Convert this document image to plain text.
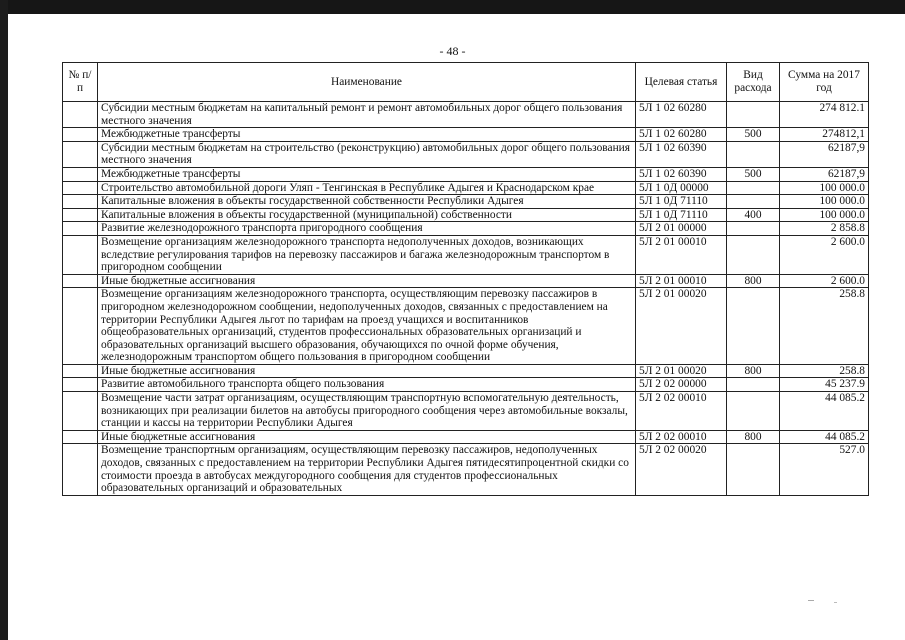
- 48 -
№ п/п	Наименование	Целевая статья	Вид расхода	Сумма на 2017 год
	Субсидии местным бюджетам на капитальный ремонт и ремонт автомобильных дорог общего пользования местного значения	5Л 1 02 60280		274 812.1
	Межбюджетные трансферты	5Л 1 02 60280	500	274812,1
	Субсидии местным бюджетам на строительство (реконструкцию) автомобильных дорог общего пользования местного значения	5Л 1 02 60390		62187,9
	Межбюджетные трансферты	5Л 1 02 60390	500	62187,9
	Строительство автомобильной дороги Уляп - Тенгинская в Республике Адыгея и Краснодарском крае	5Л 1 0Д 00000		100 000.0
	Капитальные вложения в объекты государственной собственности Республики Адыгея	5Л 1 0Д 71110		100 000.0
	Капитальные вложения в объекты государственной (муниципальной) собственности	5Л 1 0Д 71110	400	100 000.0
	Развитие железнодорожного транспорта пригородного сообщения	5Л 2 01 00000		2 858.8
	Возмещение организациям железнодорожного транспорта недополученных доходов, возникающих вследствие регулирования тарифов на перевозку пассажиров и багажа железнодорожным транспортом в пригородном сообщении	5Л 2 01 00010		2 600.0
	Иные бюджетные ассигнования	5Л 2 01 00010	800	2 600.0
	Возмещение организациям железнодорожного транспорта, осуществляющим перевозку пассажиров в пригородном железнодорожном сообщении, недополученных доходов, связанных с предоставлением на территории Республики Адыгея льгот по тарифам на проезд учащихся и воспитанников общеобразовательных организаций, студентов профессиональных образовательных организаций и образовательных организаций высшего образования, обучающихся по очной форме обучения, железнодорожным транспортом общего пользования в пригородном сообщении	5Л 2 01 00020		258.8
	Иные бюджетные ассигнования	5Л 2 01 00020	800	258.8
	Развитие автомобильного транспорта общего пользования	5Л 2 02 00000		45 237.9
	Возмещение части затрат организациям, осуществляющим транспортную вспомогательную деятельность, возникающих при реализации билетов на автобусы пригородного сообщения через автомобильные вокзалы, станции и кассы на территории Республики Адыгея	5Л 2 02 00010		44 085.2
	Иные бюджетные ассигнования	5Л 2 02 00010	800	44 085.2
	Возмещение транспортным организациям, осуществляющим перевозку пассажиров, недополученных доходов, связанных с предоставлением на территории Республики Адыгея пятидесятипроцентной скидки со стоимости проезда в автобусах междугородного сообщения для студентов профессиональных образовательных организаций и образовательных	5Л 2 02 00020		527.0
